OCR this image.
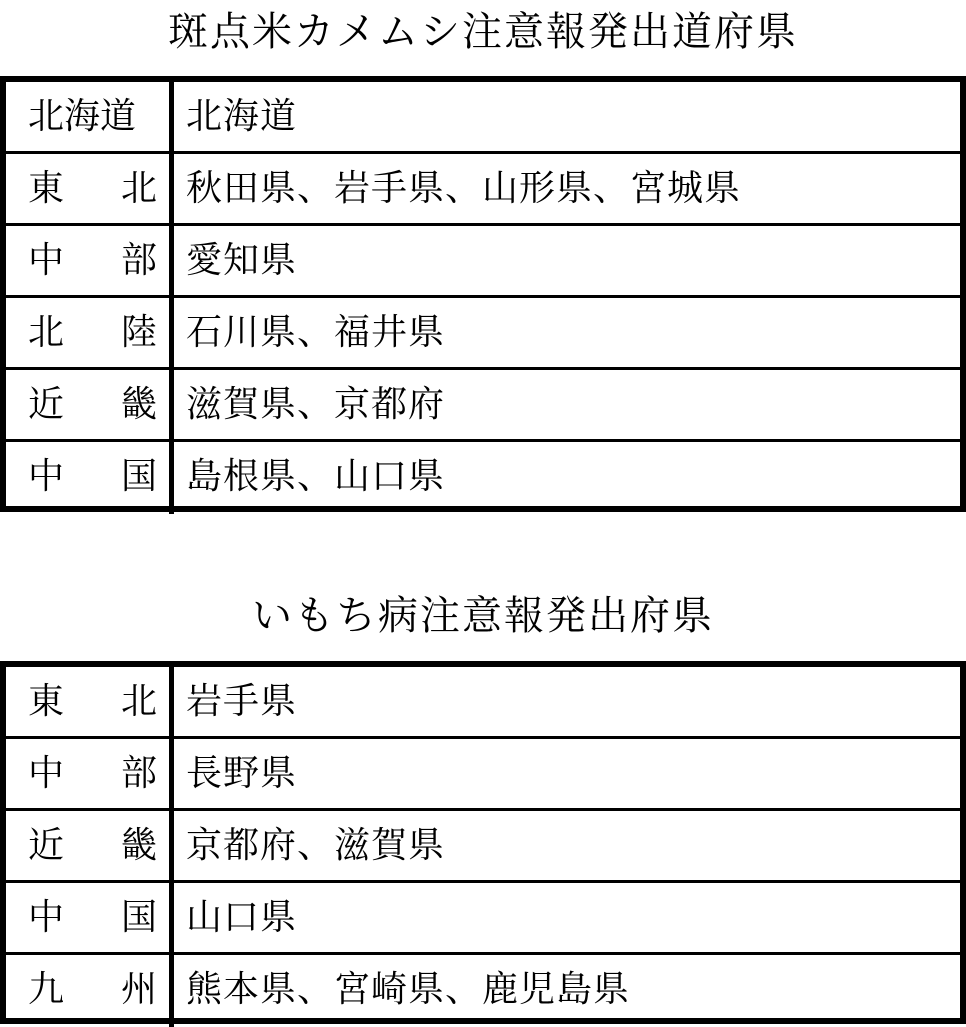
斑点米カメムシ注意報発出道府県
北海道	北海道
東 北 秋田県、岩手県、山形県、宮城県
中 部 愛知県
北 陸 石川県、福井県
近 畿 滋賀県、京都府
中 国 島根県、山口県
いもち病注意報発出府県
東 北 岩手県
中 部 長野県
近 畿 京都府、滋賀県
中 国 山口県
九 州 熊本県、宮崎県、鹿児島県
